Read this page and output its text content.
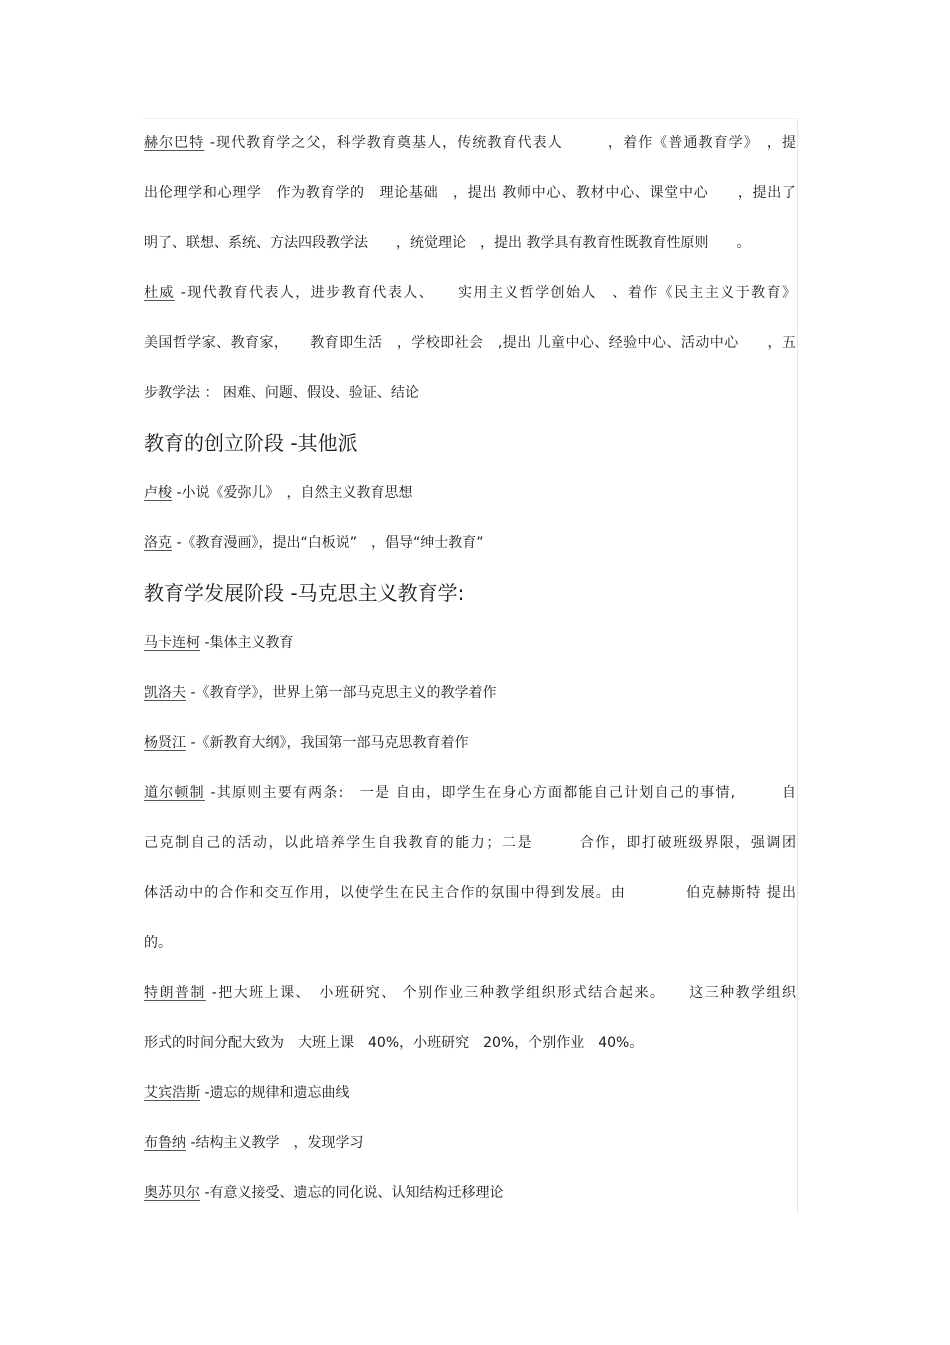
赫尔巴特 -现代教育学之父，科学教育奠基人，传统教育代表人　　　，着作《普通教育学》　，提
出伦理学和心理学　作为教育学的　理论基础　，提出 教师中心、教材中心、课堂中心　　，提出了
明了、联想、系统、方法四段教学法　　，统觉理论　，提出 教学具有教育性既教育性原则　　。
杜威 -现代教育代表人，进步教育代表人、　　实用主义哲学创始人　、着作《民主主义于教育》
美国哲学家、教育家，　　教育即生活　，学校即社会　,提出 儿童中心、经验中心、活动中心　　，五
步教学法 ： 困难、问题、假设、验证、结论
教育的创立阶段 -其他派
卢梭 -小说《爱弥儿》　，自然主义教育思想
洛克 -《教育漫画》，提出“白板说”　，倡导“绅士教育”
教育学发展阶段 -马克思主义教育学:
马卡连柯 -集体主义教育
凯洛夫 -《教育学》，世界上第一部马克思主义的教学着作
杨贤江 -《新教育大纲》，我国第一部马克思教育着作
道尔顿制 -其原则主要有两条:　一是 自由，即学生在身心方面都能自己计划自己的事情,　　　自
己克制自己的活动，以此培养学生自我教育的能力；二是　　　合作，即打破班级界限，强调团
体活动中的合作和交互作用，以使学生在民主合作的氛围中得到发展。由　　　　伯克赫斯特 提出
的。
特朗普制 -把大班上课、　小班研究、 个别作业三种教学组织形式结合起来。　　这三种教学组织
形式的时间分配大致为　大班上课　40%，小班研究　20%，个别作业　40%。
艾宾浩斯 -遗忘的规律和遗忘曲线
布鲁纳 -结构主义教学　，发现学习
奥苏贝尔 -有意义接受、遗忘的同化说、认知结构迁移理论
